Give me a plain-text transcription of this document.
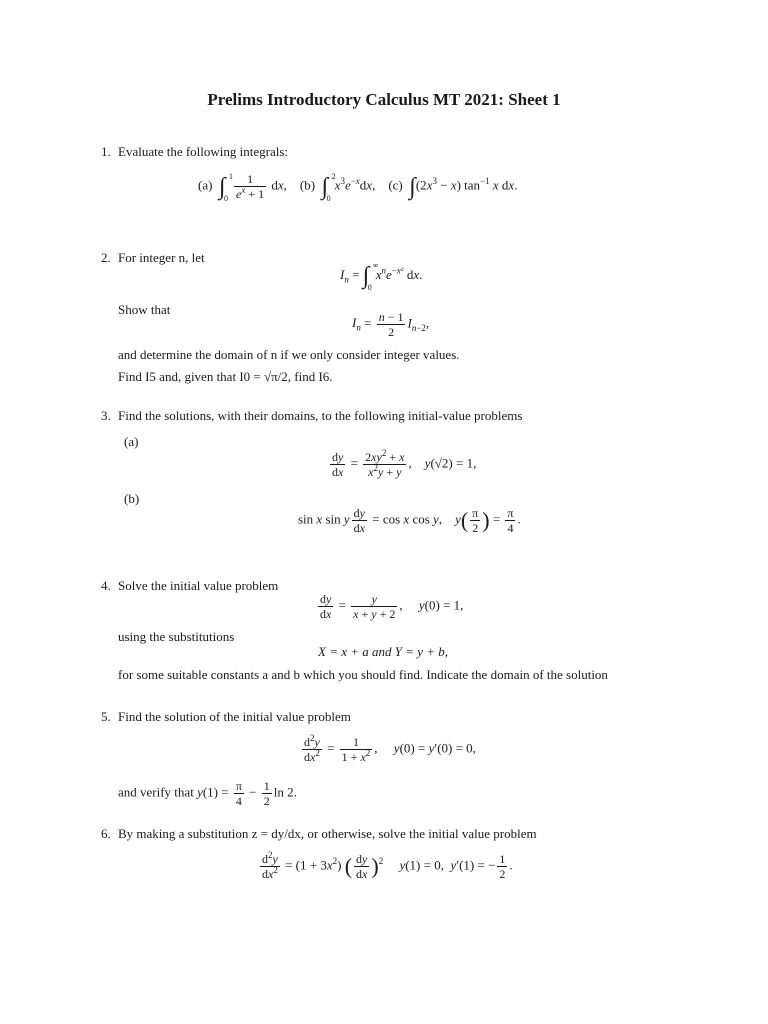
Prelims Introductory Calculus MT 2021: Sheet 1
1. Evaluate the following integrals:
(a) ∫ 1
0
$\frac{1}{e^x + 1}$ dx,    (b) ∫ 2
0
$x^3e^{-x}dx$,    (c) $\int(2x^3 - x)$ $\tan^{-1} x$ dx.
2. For integer n, let
$I_n$ = ∫ ∞
0
$x^ne^{-x^2}$ dx.
Show that
$I_n = \frac{n - 1}{2} I_{n-2}$,
and determine the domain of n if we only consider integer values.
Find I5 and, given that I0 = √π/2, find I6.
3. Find the solutions, with their domains, to the following initial-value problems
(a)
$\frac{dy}{dx} = \frac{2xy^2 + x}{x^2y + y}$ ,    y(√2) = 1,
(b)
sin x sin y $\frac{dy}{dx} = \cos x$ cos y,    $y( \frac{\pi}{2}$ ) = $\frac{\pi}{4}$ .
4. Solve the initial value problem
$\frac{dy}{dx} = \frac{y}{x + y + 2}$ ,     y(0) = 1,
using the substitutions
X = x + a and Y = y + b,
for some suitable constants a and b which you should find. Indicate the domain of the solution
5. Find the solution of the initial value problem
$\frac{d^2y}{dx^2} = \frac{1}{1 + x^2}$ ,     y(0) = y′(0) = 0,
and verify that $y(1) = \frac{\pi}{4} - \frac{1}{2}$ ln 2.
6. By making a substitution z = dy/dx, or otherwise, solve the initial value problem
$\frac{d^2y}{dx^2} = (1 + 3x^2)$ ( $\frac{dy}{dx} )^2$ y(1) = 0,  y′(1) = − $\frac{1}{2}$ .
